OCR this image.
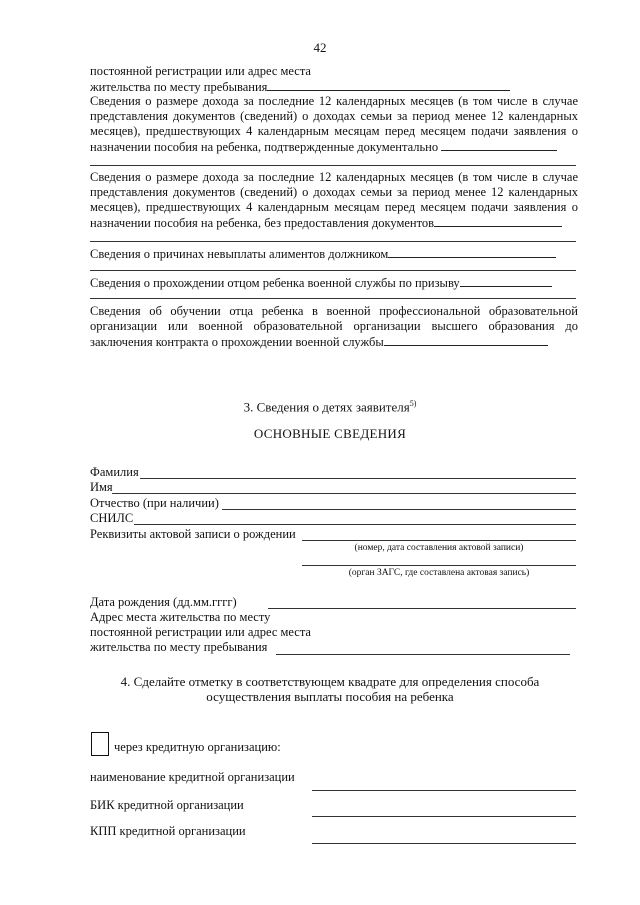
42
постоянной регистрации или адрес места
жительства по месту пребывания
Сведения о размере дохода за последние 12 календарных месяцев (в том числе в случае
представления документов (сведений) о доходах семьи за период менее 12 календарных
месяцев), предшествующих 4 календарным месяцам перед месяцем подачи заявления о
назначении пособия на ребенка, подтвержденные документально
Сведения о размере дохода за последние 12 календарных месяцев (в том числе в случае
представления документов (сведений) о доходах семьи за период менее 12 календарных
месяцев), предшествующих 4 календарным месяцам перед месяцем подачи заявления о
назначении пособия на ребенка, без предоставления документов
Сведения о причинах невыплаты алиментов должником
Сведения о прохождении отцом ребенка военной службы по призыву
Сведения об обучении отца ребенка в военной профессиональной образовательной
организации или военной образовательной организации высшего образования до
заключения контракта о прохождении военной службы
3. Сведения о детях заявителя$^{5)}$
ОСНОВНЫЕ СВЕДЕНИЯ
Фамилия
Имя
Отчество (при наличии)
СНИЛС
Реквизиты актовой записи о рождении
(номер, дата составления актовой записи)
(орган ЗАГС, где составлена актовая запись)
Дата рождения (дд.мм.гггг)
Адрес места жительства по месту
постоянной регистрации или адрес места
жительства по месту пребывания
4. Сделайте отметку в соответствующем квадрате для определения способа
осуществления выплаты пособия на ребенка
через кредитную организацию:
наименование кредитной организации
БИК кредитной организации
КПП кредитной организации
